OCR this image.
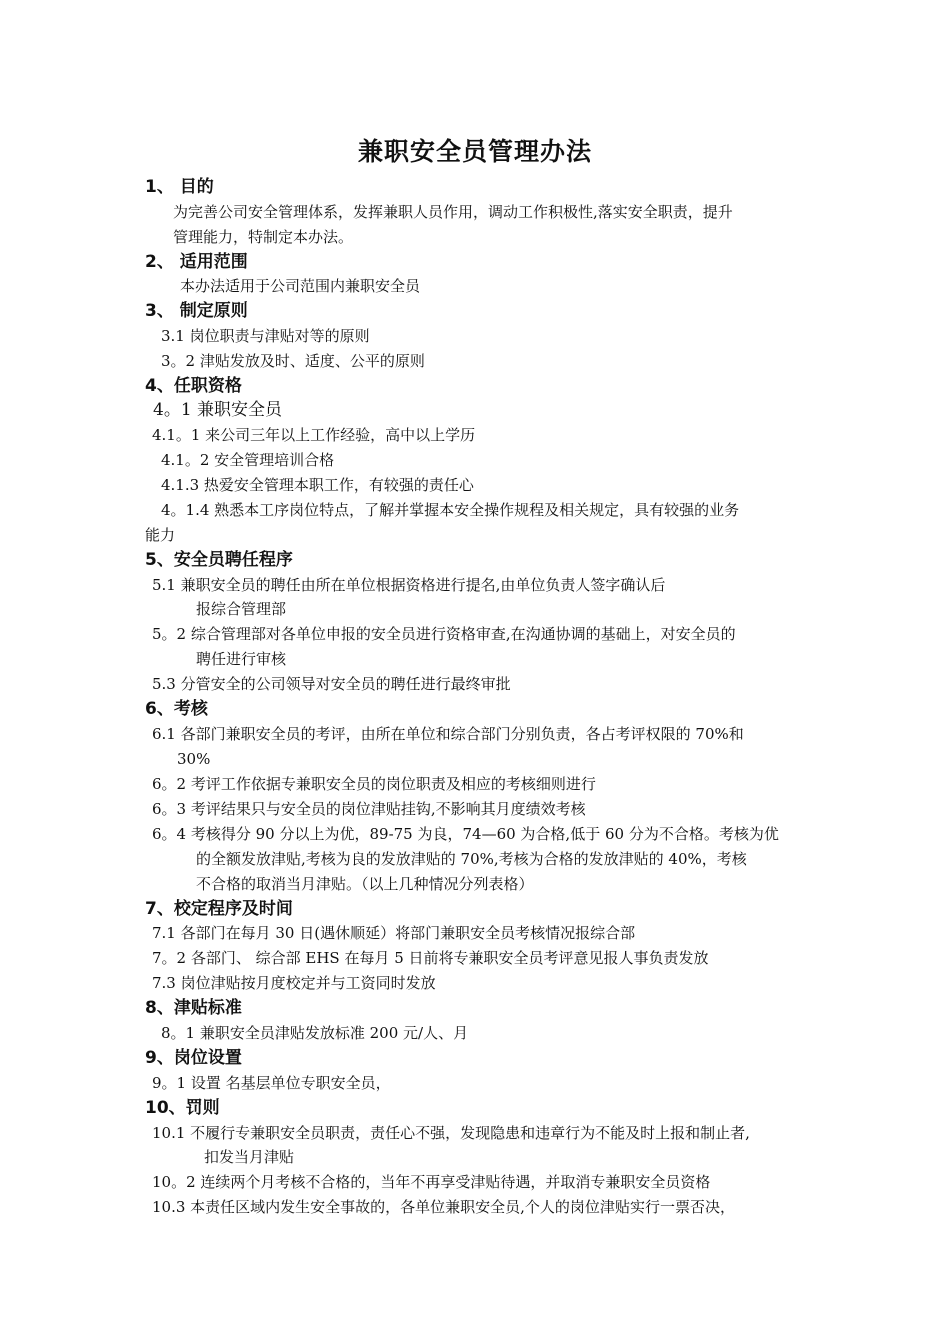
兼职安全员管理办法
1、 目的
为完善公司安全管理体系，发挥兼职人员作用，调动工作积极性,落实安全职责，提升
管理能力，特制定本办法。
2、 适用范围
本办法适用于公司范围内兼职安全员
3、 制定原则
3.1 岗位职责与津贴对等的原则
3。2 津贴发放及时、适度、公平的原则
4、任职资格
4。1 兼职安全员
4.1。1 来公司三年以上工作经验，高中以上学历
4.1。2 安全管理培训合格
4.1.3 热爱安全管理本职工作，有较强的责任心
4。1.4 熟悉本工序岗位特点，了解并掌握本安全操作规程及相关规定，具有较强的业务
能力
5、安全员聘任程序
5.1 兼职安全员的聘任由所在单位根据资格进行提名,由单位负责人签字确认后
报综合管理部
5。2 综合管理部对各单位申报的安全员进行资格审查,在沟通协调的基础上，对安全员的
聘任进行审核
5.3 分管安全的公司领导对安全员的聘任进行最终审批
6、考核
6.1 各部门兼职安全员的考评，由所在单位和综合部门分别负责，各占考评权限的 70%和
30%
6。2 考评工作依据专兼职安全员的岗位职责及相应的考核细则进行
6。3 考评结果只与安全员的岗位津贴挂钩,不影响其月度绩效考核
6。4 考核得分 90 分以上为优，89-75 为良，74—60 为合格,低于 60 分为不合格。考核为优
的全额发放津贴,考核为良的发放津贴的 70%,考核为合格的发放津贴的 40%，考核
不合格的取消当月津贴。（以上几种情况分列表格）
7、校定程序及时间
7.1 各部门在每月 30 日(遇休顺延）将部门兼职安全员考核情况报综合部
7。2 各部门、 综合部 EHS 在每月 5 日前将专兼职安全员考评意见报人事负责发放
7.3 岗位津贴按月度校定并与工资同时发放
8、津贴标准
8。1 兼职安全员津贴发放标准 200 元/人、月
9、岗位设置
9。1 设置 名基层单位专职安全员，
10、罚则
10.1 不履行专兼职安全员职责，责任心不强，发现隐患和违章行为不能及时上报和制止者,
扣发当月津贴
10。2 连续两个月考核不合格的，当年不再享受津贴待遇，并取消专兼职安全员资格
10.3 本责任区域内发生安全事故的，各单位兼职安全员,个人的岗位津贴实行一票否决，
